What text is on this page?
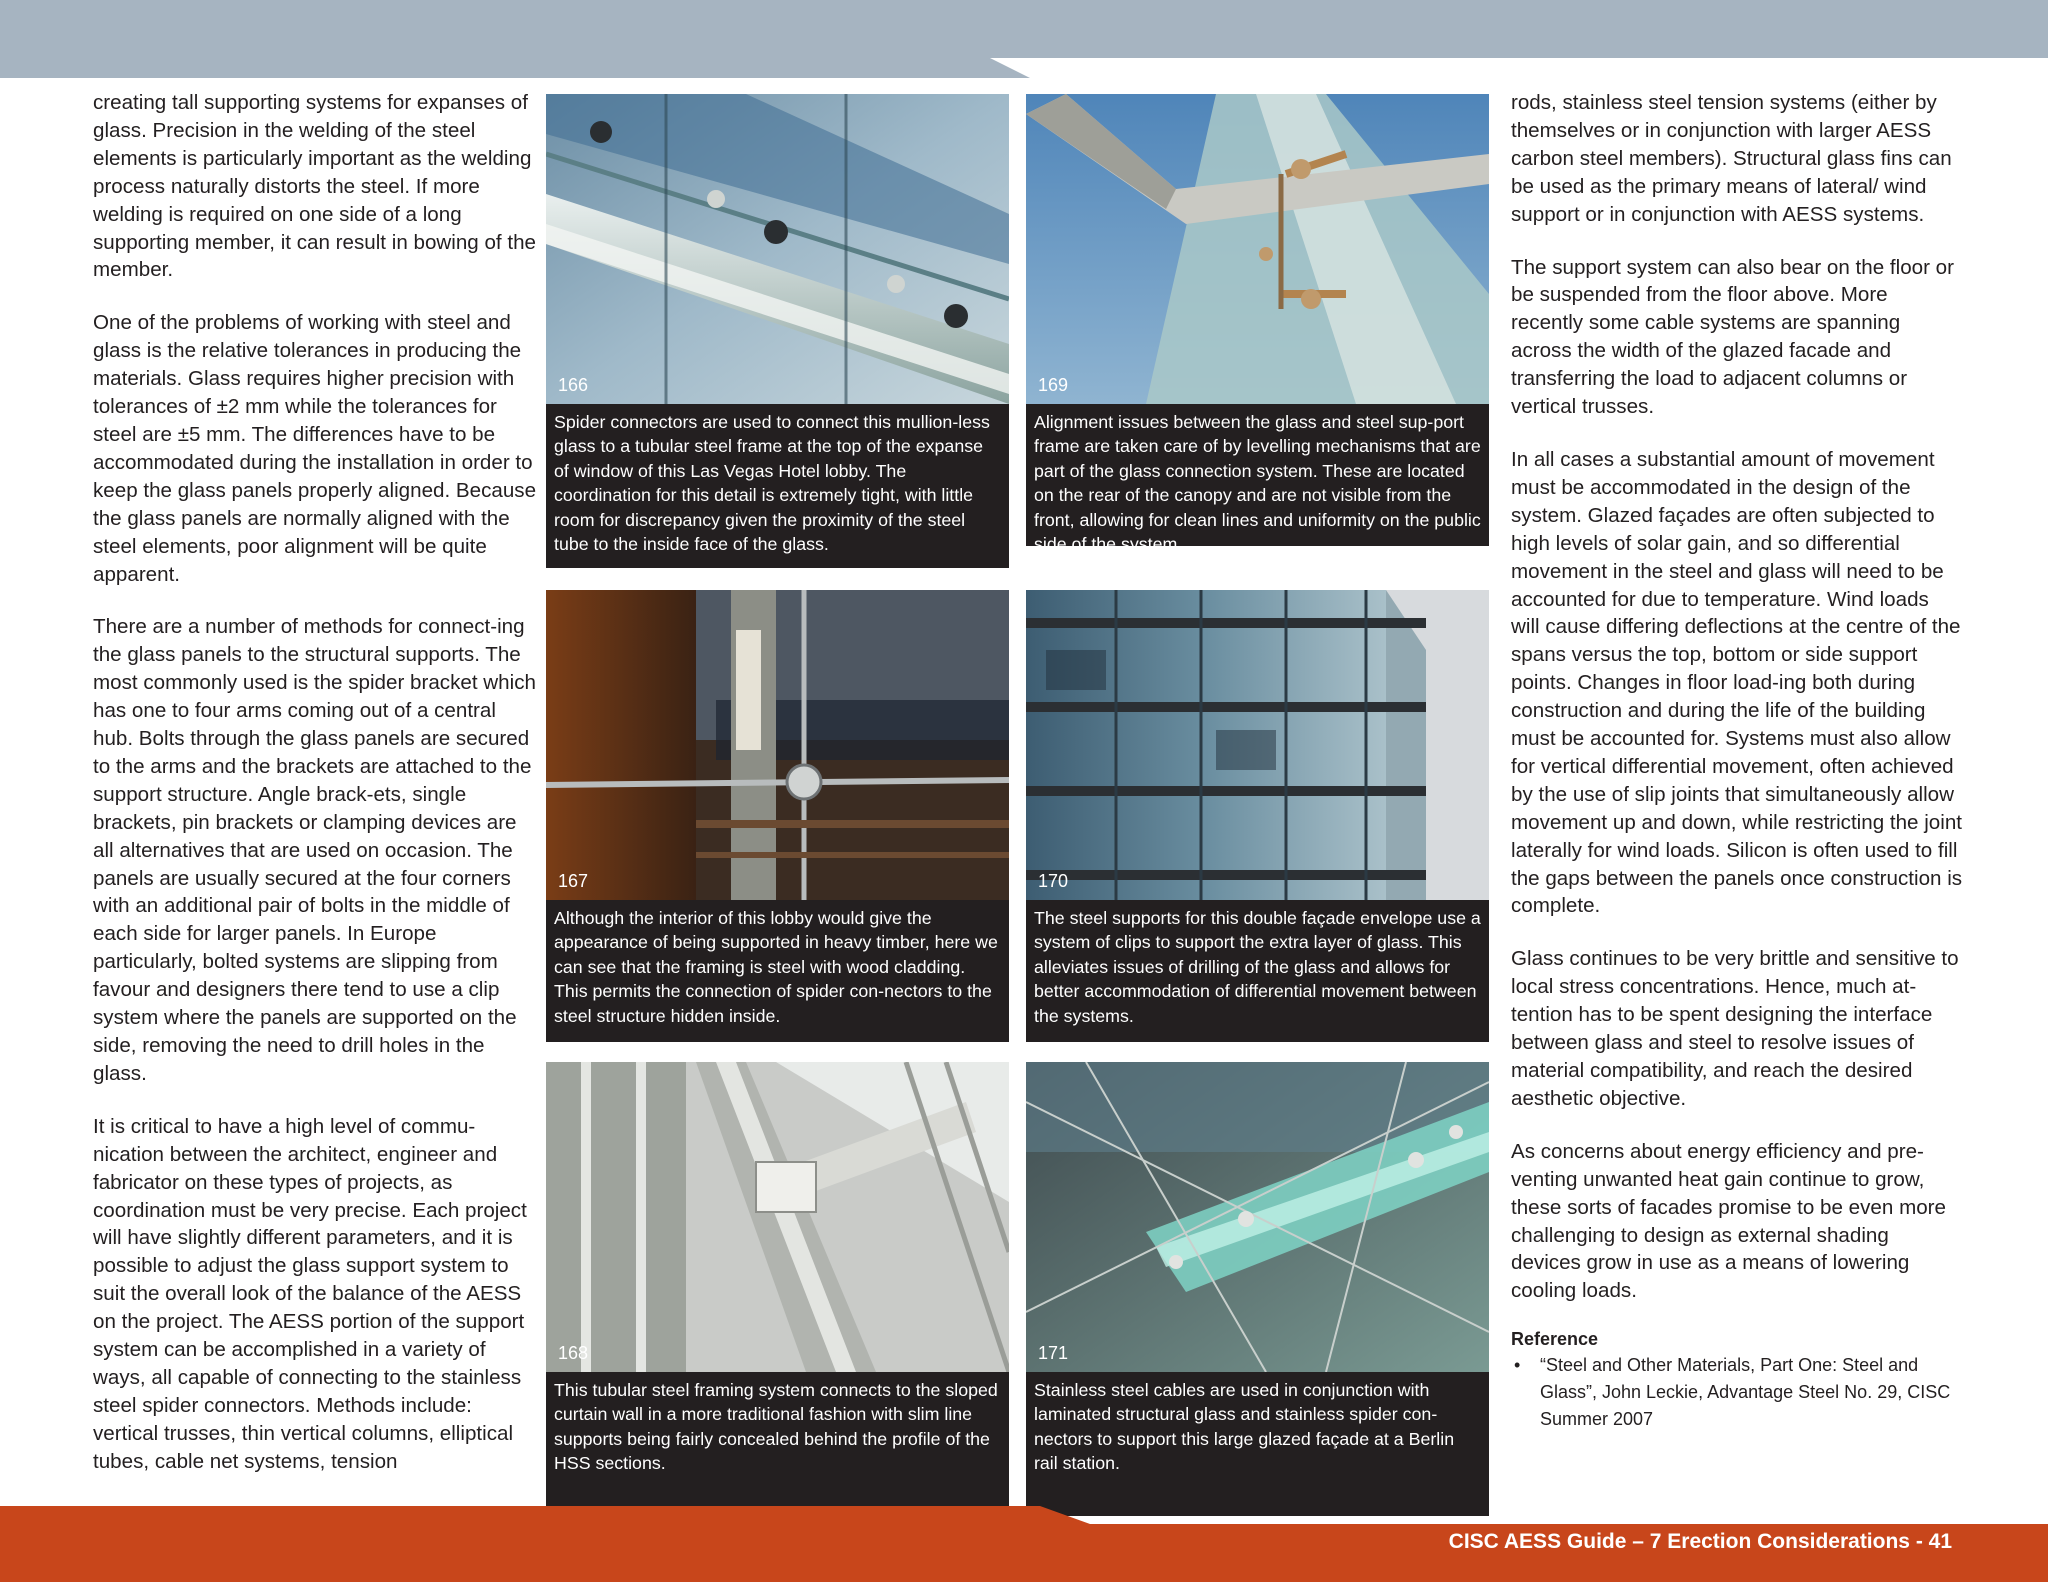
creating tall supporting systems for expanses of glass. Precision in the welding of the steel elements is particularly important as the welding process naturally distorts the steel. If more welding is required on one side of a long supporting member, it can result in bowing of the member.

One of the problems of working with steel and glass is the relative tolerances in producing the materials. Glass requires higher precision with tolerances of ±2 mm while the tolerances for steel are ±5 mm. The differences have to be accommodated during the installation in order to keep the glass panels properly aligned. Because the glass panels are normally aligned with the steel elements, poor alignment will be quite apparent.

There are a number of methods for connect-ing the glass panels to the structural supports. The most commonly used is the spider bracket which has one to four arms coming out of a central hub. Bolts through the glass panels are secured to the arms and the brackets are attached to the support structure. Angle brack-ets, single brackets, pin brackets or clamping devices are all alternatives that are used on occasion. The panels are usually secured at the four corners with an additional pair of bolts in the middle of each side for larger panels. In Europe particularly, bolted systems are slipping from favour and designers there tend to use a clip system where the panels are supported on the side, removing the need to drill holes in the glass.

It is critical to have a high level of commu-nication between the architect, engineer and fabricator on these types of projects, as coordination must be very precise. Each project will have slightly different parameters, and it is possible to adjust the glass support system to suit the overall look of the balance of the AESS on the project. The AESS portion of the support system can be accomplished in a variety of ways, all capable of connecting to the stainless steel spider connectors. Methods include: vertical trusses, thin vertical columns, elliptical tubes, cable net systems, tension

166
Spider connectors are used to connect this mullion-less glass to a tubular steel frame at the top of the expanse of window of this Las Vegas Hotel lobby. The coordination for this detail is extremely tight, with little room for discrepancy given the proximity of the steel tube to the inside face of the glass.
169
Alignment issues between the glass and steel sup-port frame are taken care of by levelling mechanisms that are part of the glass connection system. These are located on the rear of the canopy and are not visible from the front, allowing for clean lines and uniformity on the public side of the system.
167
Although the interior of this lobby would give the appearance of being supported in heavy timber, here we can see that the framing is steel with wood cladding. This permits the connection of spider con-nectors to the steel structure hidden inside.
170
The steel supports for this double façade envelope use a system of clips to support the extra layer of glass. This alleviates issues of drilling of the glass and allows for better accommodation of differential movement between the systems.
168
This tubular steel framing system connects to the sloped curtain wall in a more traditional fashion with slim line supports being fairly concealed behind the profile of the HSS sections.
171
Stainless steel cables are used in conjunction with laminated structural glass and stainless spider con-nectors to support this large glazed façade at a Berlin rail station.

rods, stainless steel tension systems (either by themselves or in conjunction with larger AESS carbon steel members). Structural glass fins can be used as the primary means of lateral/ wind support or in conjunction with AESS systems.

The support system can also bear on the floor or be suspended from the floor above. More recently some cable systems are spanning across the width of the glazed facade and transferring the load to adjacent columns or vertical trusses.

In all cases a substantial amount of movement must be accommodated in the design of the system. Glazed façades are often subjected to high levels of solar gain, and so differential movement in the steel and glass will need to be accounted for due to temperature. Wind loads will cause differing deflections at the centre of the spans versus the top, bottom or side support points. Changes in floor load-ing both during construction and during the life of the building must be accounted for. Systems must also allow for vertical differential movement, often achieved by the use of slip joints that simultaneously allow movement up and down, while restricting the joint laterally for wind loads. Silicon is often used to fill the gaps between the panels once construction is complete.

Glass continues to be very brittle and sensitive to local stress concentrations. Hence, much at-tention has to be spent designing the interface between glass and steel to resolve issues of material compatibility, and reach the desired aesthetic objective.

As concerns about energy efficiency and pre-venting unwanted heat gain continue to grow, these sorts of facades promise to be even more challenging to design as external shading devices grow in use as a means of lowering cooling loads.

Reference
• “Steel and Other Materials, Part One: Steel and Glass”, John Leckie, Advantage Steel No. 29, CISC Summer 2007
CISC AESS Guide – 7 Erection Considerations - 41
